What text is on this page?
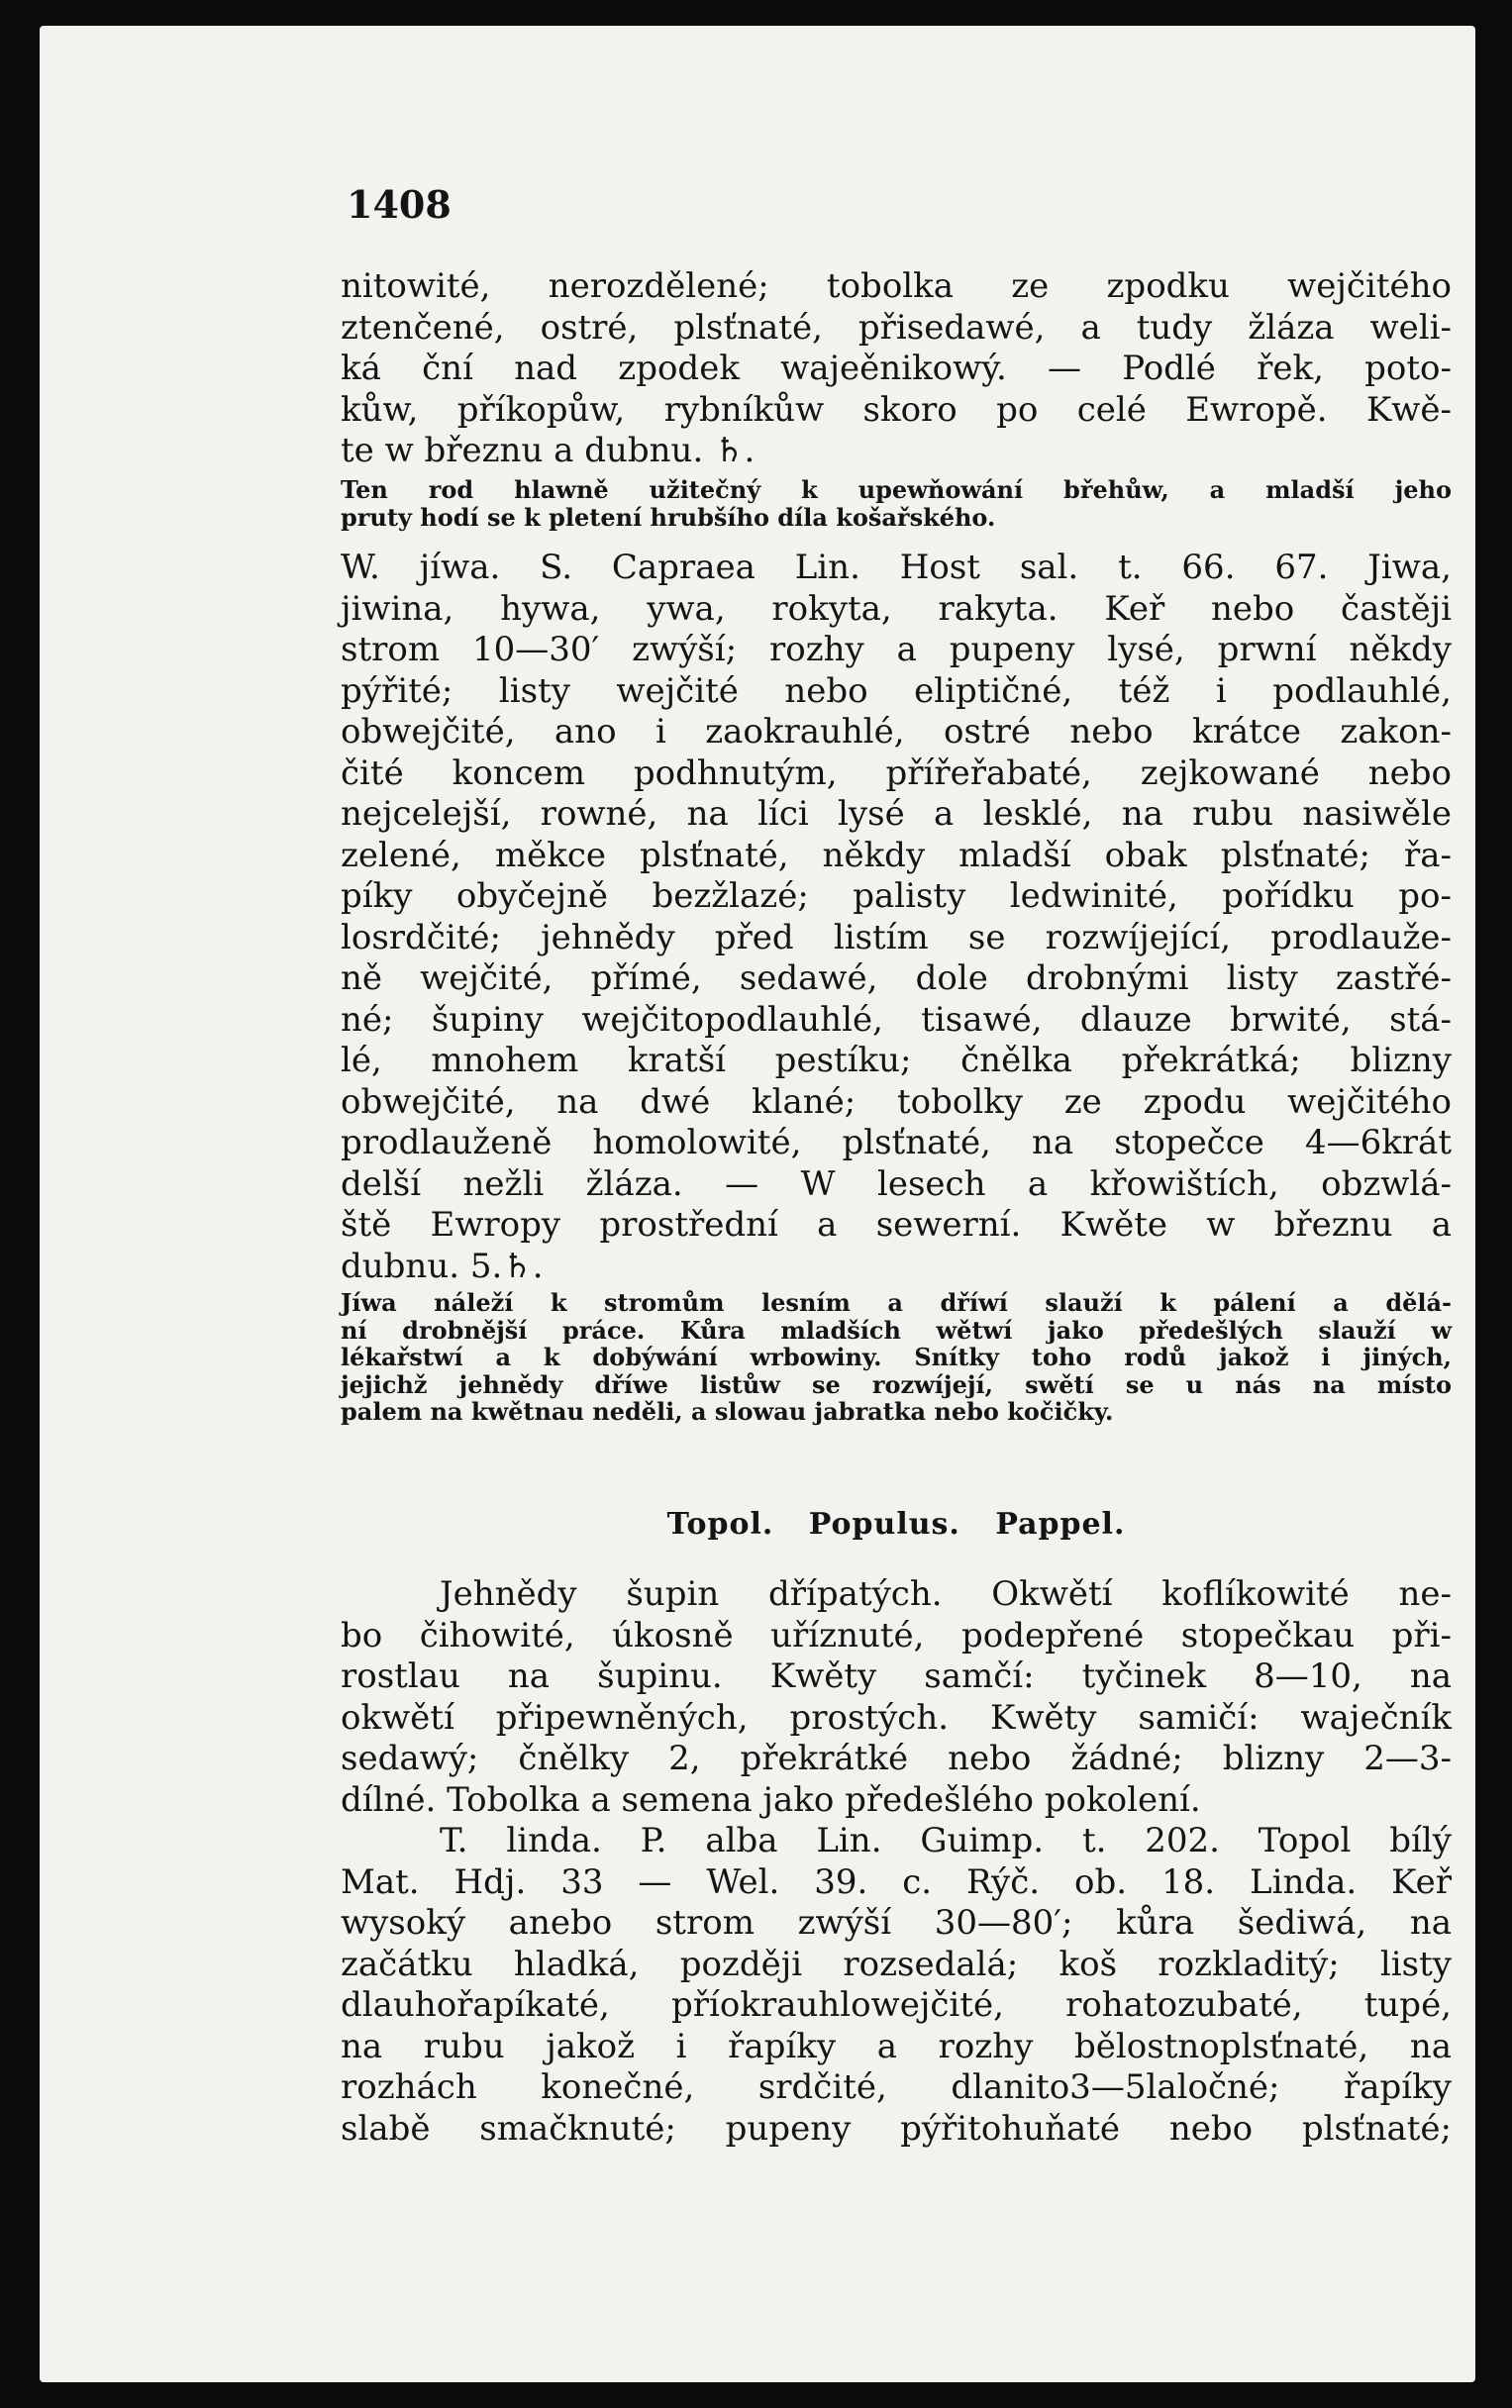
1408

nitowité, nerozdělené; tobolka ze zpodku wejčitého
ztenčené, ostré, plsťnaté, přisedawé, a tudy žláza weli-
ká ční nad zpodek wajeěnikowý. — Podlé řek, poto-
kůw, příkopůw, rybníkůw skoro po celé Ewropě. Kwě-
te w březnu a dubnu. ♄.
Ten rod hlawně užitečný k upewňowání břehůw, a mladší jeho
pruty hodí se k pletení hrubšího díla košařského.
W. jíwa. S. Capraea Lin. Host sal. t. 66. 67. Jiwa,
jiwina, hywa, ywa, rokyta, rakyta. Keř nebo častěji
strom 10—30′ zwýší; rozhy a pupeny lysé, prwní někdy
pýřité; listy wejčité nebo eliptičné, též i podlauhlé,
obwejčité, ano i zaokrauhlé, ostré nebo krátce zakon-
čité koncem podhnutým, přířeřabaté, zejkowané nebo
nejcelejší, rowné, na líci lysé a lesklé, na rubu nasiwěle
zelené, měkce plsťnaté, někdy mladší obak plsťnaté; řa-
píky obyčejně bezžlazé; palisty ledwinité, pořídku po-
losrdčité; jehnědy před listím se rozwíjející, prodlauže-
ně wejčité, přímé, sedawé, dole drobnými listy zastřé-
né; šupiny wejčitopodlauhlé, tisawé, dlauze brwité, stá-
lé, mnohem kratší pestíku; čnělka překrátká; blizny
obwejčité, na dwé klané; tobolky ze zpodu wejčitého
prodlauženě homolowité, plsťnaté, na stopečce 4—6krát
delší nežli žláza. — W lesech a křowištích, obzwlá-
ště Ewropy prostřední a sewerní. Kwěte w březnu a
dubnu. 5.♄.
Jíwa náleží k stromům lesním a dříwí slauží k pálení a dělá-
ní drobnější práce. Kůra mladších wětwí jako předešlých slauží w
lékařstwí a k dobýwání wrbowiny. Snítky toho rodů jakož i jiných,
jejichž jehnědy dříwe listůw se rozwíjejí, swětí se u nás na místo
palem na kwětnau neděli, a slowau jabratka nebo kočičky.

Topol. Populus. Pappel.

Jehnědy šupin dřípatých. Okwětí koflíkowité ne-
bo čihowité, úkosně uříznuté, podepřené stopečkau při-
rostlau na šupinu. Kwěty samčí: tyčinek 8—10, na
okwětí připewněných, prostých. Kwěty samičí: waječník
sedawý; čnělky 2, překrátké nebo žádné; blizny 2—3-
dílné. Tobolka a semena jako předešlého pokolení.
T. linda. P. alba Lin. Guimp. t. 202. Topol bílý
Mat. Hdj. 33 — Wel. 39. c. Rýč. ob. 18. Linda. Keř
wysoký anebo strom zwýší 30—80′; kůra šediwá, na
začátku hladká, později rozsedalá; koš rozkladitý; listy
dlauhořapíkaté, příokrauhlowejčité, rohatozubaté, tupé,
na rubu jakož i řapíky a rozhy bělostnoplsťnaté, na
rozhách konečné, srdčité, dlanito3—5laločné; řapíky
slabě smačknuté; pupeny pýřitohuňaté nebo plsťnaté;
